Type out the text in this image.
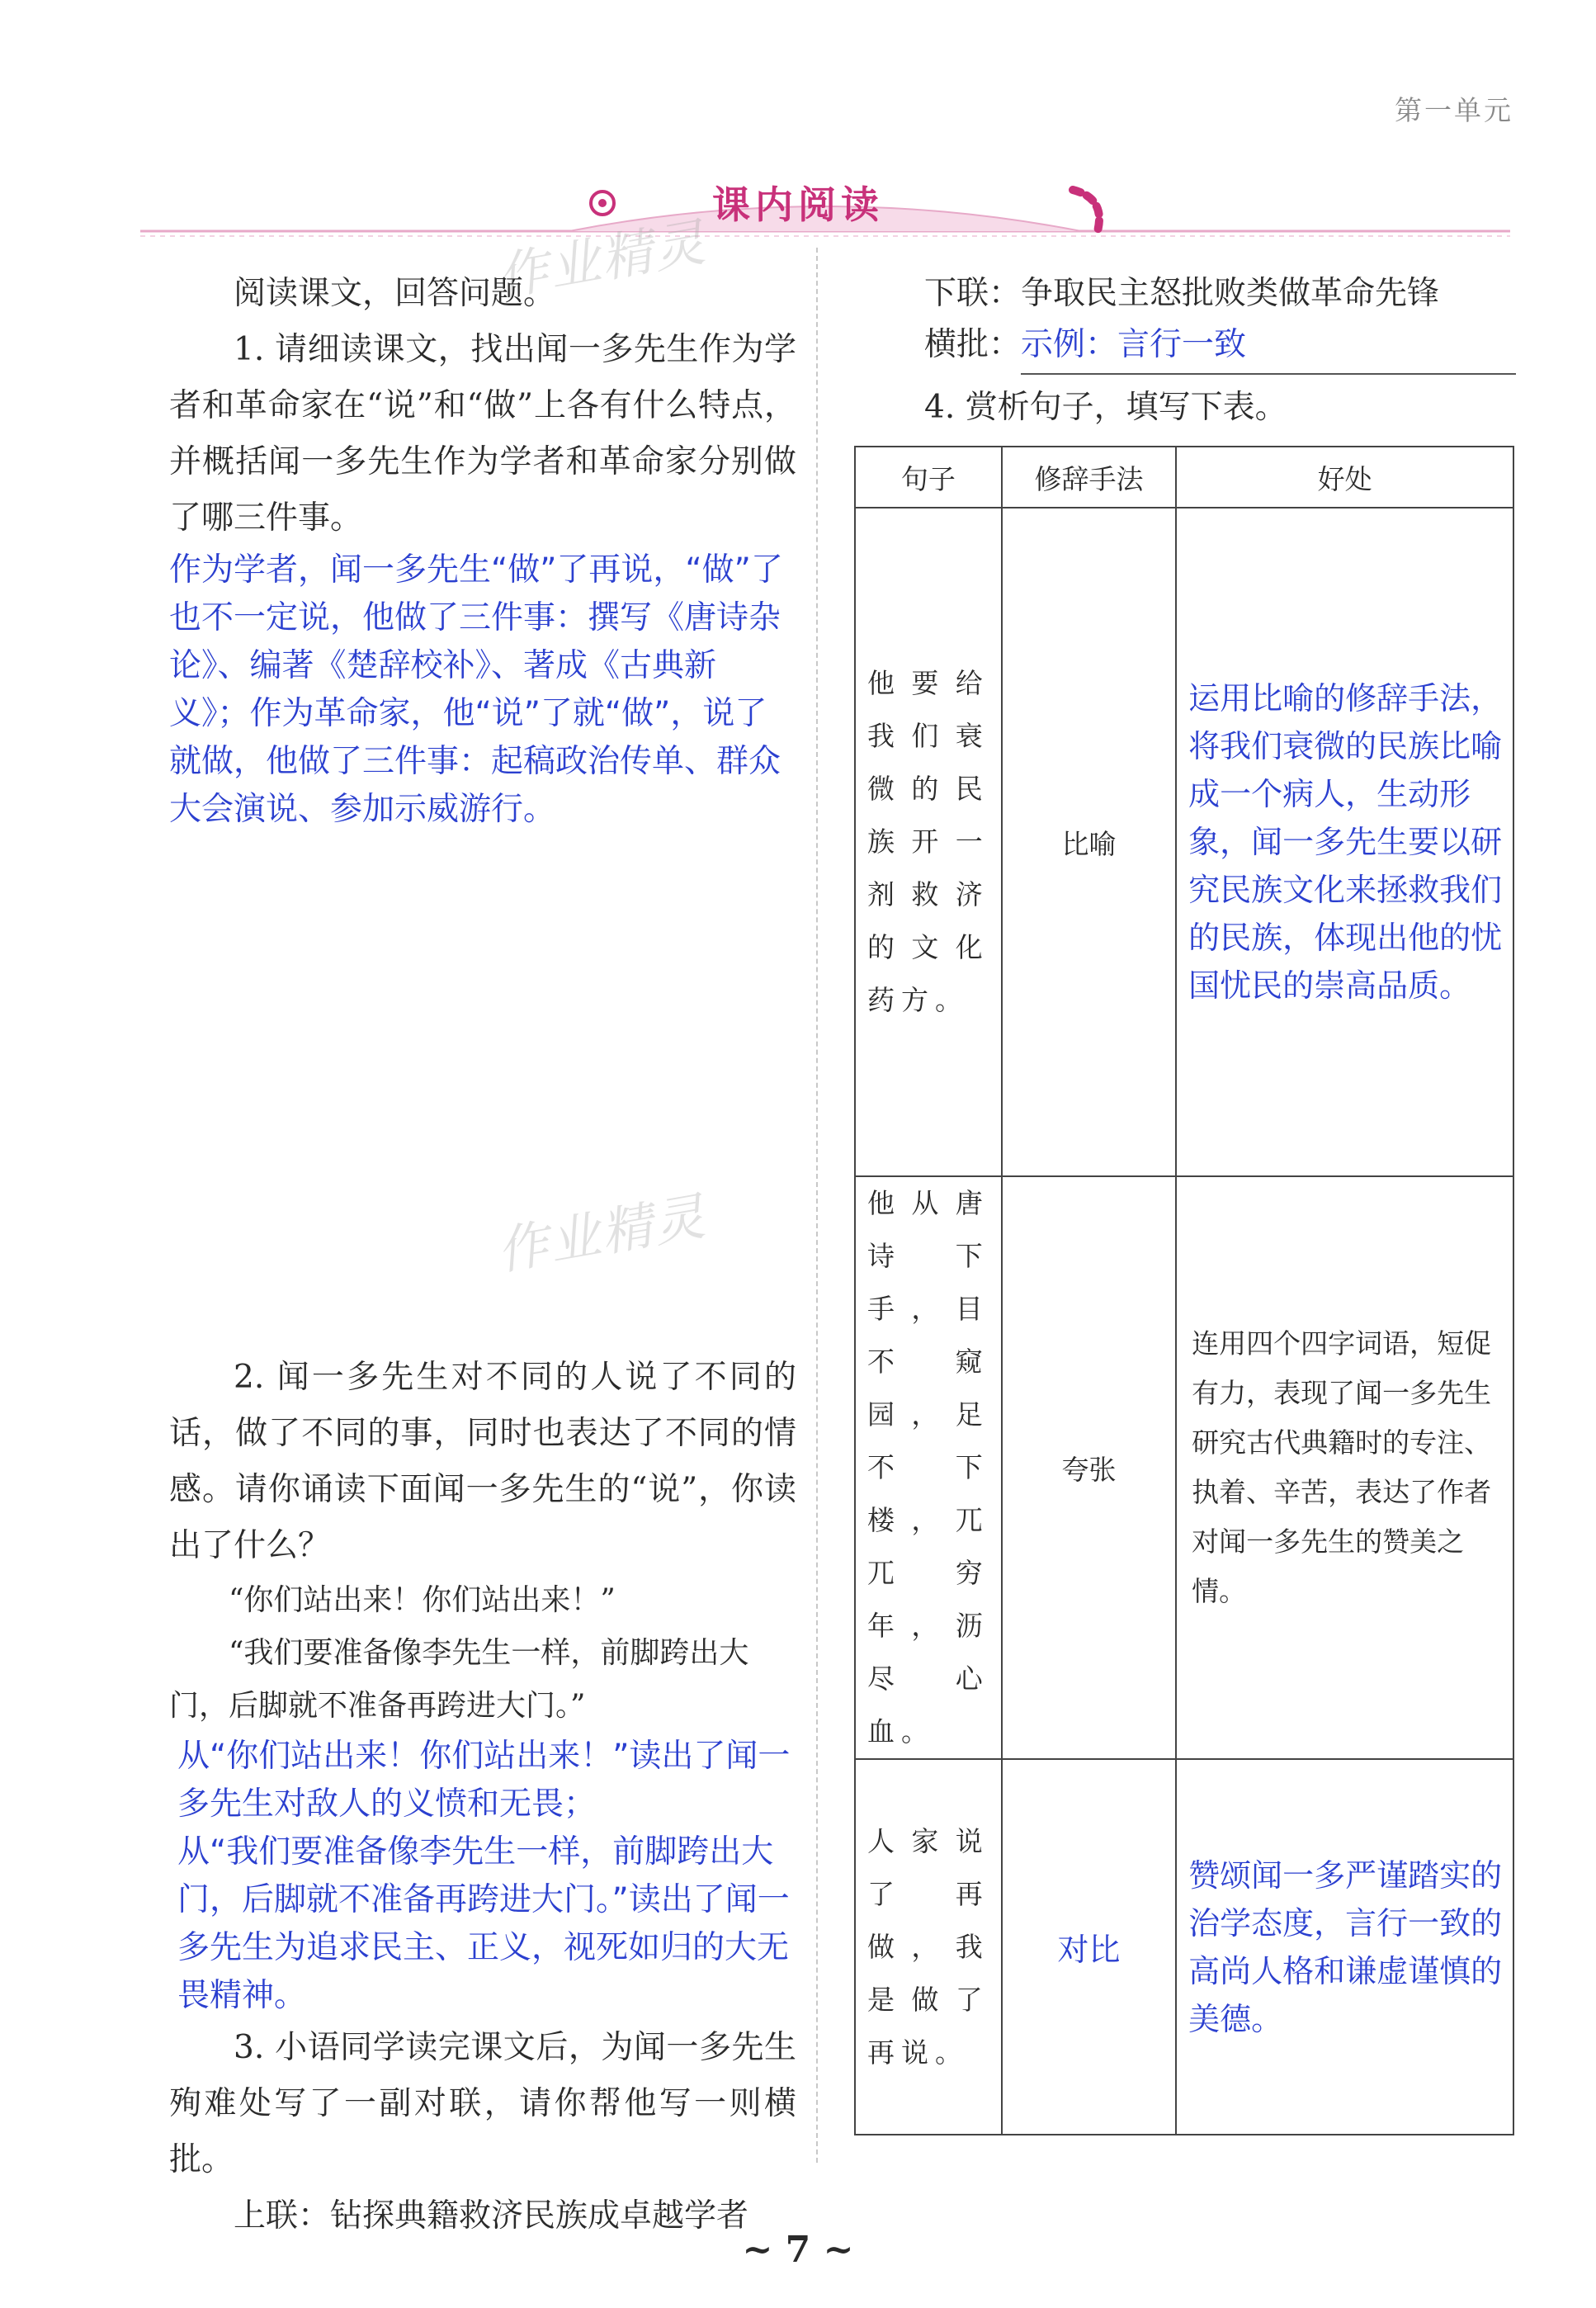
第一单元
课内阅读
作业精灵
作业精灵

阅读课文，回答问题。

1. 请细读课文，找出闻一多先生作为学者和革命家在“说”和“做”上各有什么特点，并概括闻一多先生作为学者和革命家分别做了哪三件事。

作为学者，闻一多先生“做”了再说，“做”了也不一定说，他做了三件事：撰写《唐诗杂论》、编著《楚辞校补》、著成《古典新义》；作为革命家，他“说”了就“做”，说了就做，他做了三件事：起稿政治传单、群众大会演说、参加示威游行。

2. 闻一多先生对不同的人说了不同的话，做了不同的事，同时也表达了不同的情感。请你诵读下面闻一多先生的“说”，你读出了什么？

“你们站出来！你们站出来！”

“我们要准备像李先生一样，前脚跨出大门，后脚就不准备再跨进大门。”

从“你们站出来！你们站出来！”读出了闻一多先生对敌人的义愤和无畏；

从“我们要准备像李先生一样，前脚跨出大门，后脚就不准备再跨进大门。”读出了闻一多先生为追求民主、正义，视死如归的大无畏精神。

3. 小语同学读完课文后，为闻一多先生殉难处写了一副对联，请你帮他写一则横批。

上联：钻探典籍救济民族成卓越学者

下联：争取民主怒批败类做革命先锋

横批：示例：言行一致

4. 赏析句子，填写下表。

句子	修辞手法	好处
他要给我们衰微的民族开一剂救济的文化药方。	比喻	运用比喻的修辞手法，将我们衰微的民族比喻成一个病人，生动形象，闻一多先生要以研究民族文化来拯救我们的民族，体现出他的忧国忧民的崇高品质。
他从唐诗下手，目不窥园，足不下楼，兀兀穷年，沥尽心血。	夸张	连用四个四字词语，短促有力，表现了闻一多先生研究古代典籍时的专注、执着、辛苦，表达了作者对闻一多先生的赞美之情。
人家说了再做，我是做了再说。	对比	赞颂闻一多严谨踏实的治学态度，言行一致的高尚人格和谦虚谨慎的美德。
~ 7 ~
